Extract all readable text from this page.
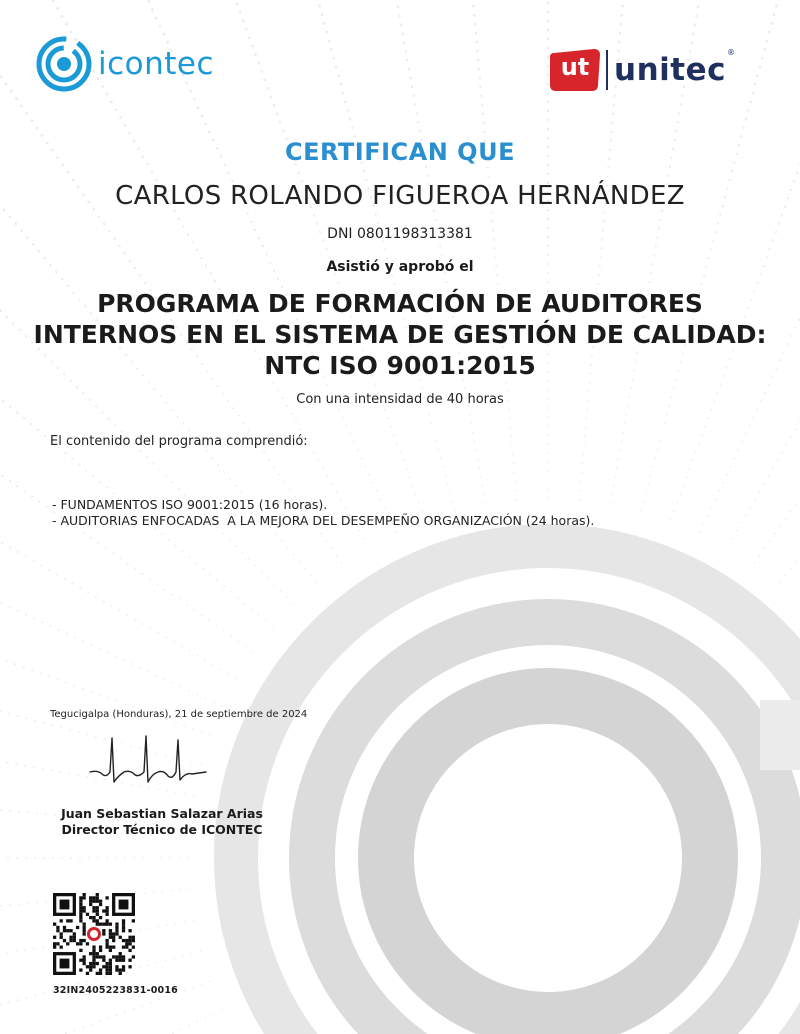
icontec	ut unitec ®
CERTIFICAN QUE
CARLOS ROLANDO FIGUEROA HERNÁNDEZ
DNI 0801198313381
Asistió y aprobó el
PROGRAMA DE FORMACIÓN DE AUDITORES
INTERNOS EN EL SISTEMA DE GESTIÓN DE CALIDAD:
NTC ISO 9001:2015
Con una intensidad de 40 horas
El contenido del programa comprendió:
- FUNDAMENTOS ISO 9001:2015 (16 horas).
- AUDITORIAS ENFOCADAS  A LA MEJORA DEL DESEMPEÑO ORGANIZACIÓN (24 horas).
Tegucigalpa (Honduras), 21 de septiembre de 2024
Juan Sebastian Salazar Arias
Director Técnico de ICONTEC
32IN2405223831-0016
